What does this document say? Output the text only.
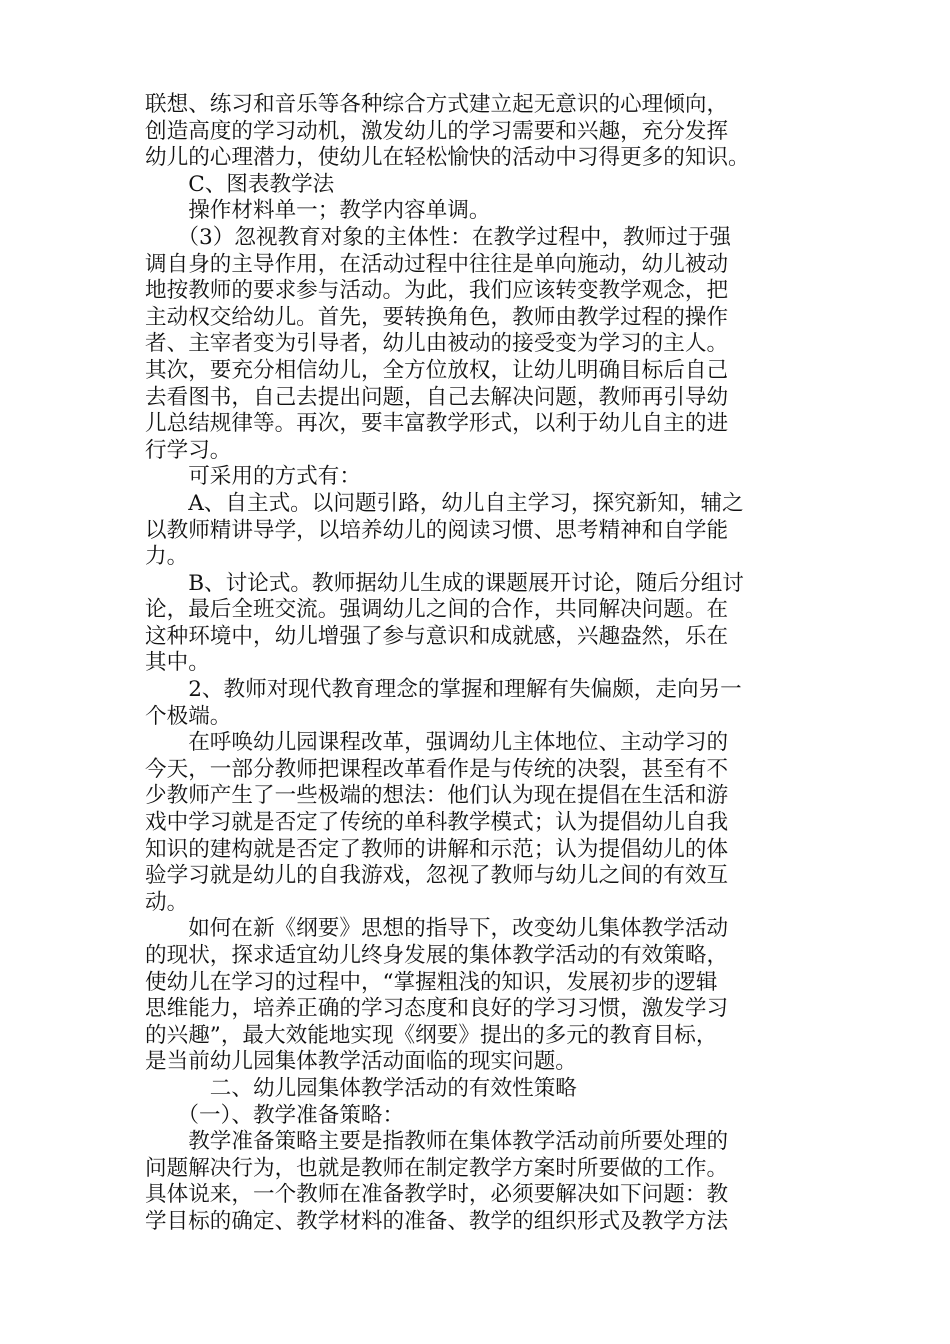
联想、练习和音乐等各种综合方式建立起无意识的心理倾向，

创造高度的学习动机，激发幼儿的学习需要和兴趣，充分发挥

幼儿的心理潜力，使幼儿在轻松愉快的活动中习得更多的知识。

　　C、图表教学法

　　操作材料单一；教学内容单调。

　　（3）忽视教育对象的主体性：在教学过程中，教师过于强

调自身的主导作用，在活动过程中往往是单向施动，幼儿被动

地按教师的要求参与活动。为此，我们应该转变教学观念，把

主动权交给幼儿。首先，要转换角色，教师由教学过程的操作

者、主宰者变为引导者，幼儿由被动的接受变为学习的主人。

其次，要充分相信幼儿，全方位放权，让幼儿明确目标后自己

去看图书，自己去提出问题，自己去解决问题，教师再引导幼

儿总结规律等。再次，要丰富教学形式，以利于幼儿自主的进

行学习。

　　可采用的方式有：

　　A、自主式。以问题引路，幼儿自主学习，探究新知，辅之

以教师精讲导学，以培养幼儿的阅读习惯、思考精神和自学能

力。

　　B、讨论式。教师据幼儿生成的课题展开讨论，随后分组讨

论，最后全班交流。强调幼儿之间的合作，共同解决问题。在

这种环境中，幼儿增强了参与意识和成就感，兴趣盎然，乐在

其中。

　　2、教师对现代教育理念的掌握和理解有失偏颇，走向另一

个极端。

　　在呼唤幼儿园课程改革，强调幼儿主体地位、主动学习的

今天，一部分教师把课程改革看作是与传统的决裂，甚至有不

少教师产生了一些极端的想法：他们认为现在提倡在生活和游

戏中学习就是否定了传统的单科教学模式；认为提倡幼儿自我

知识的建构就是否定了教师的讲解和示范；认为提倡幼儿的体

验学习就是幼儿的自我游戏，忽视了教师与幼儿之间的有效互

动。

　　如何在新《纲要》思想的指导下，改变幼儿集体教学活动

的现状，探求适宜幼儿终身发展的集体教学活动的有效策略，

使幼儿在学习的过程中，“掌握粗浅的知识，发展初步的逻辑

思维能力，培养正确的学习态度和良好的学习习惯，激发学习

的兴趣”，最大效能地实现《纲要》提出的多元的教育目标，

是当前幼儿园集体教学活动面临的现实问题。

　　　二、幼儿园集体教学活动的有效性策略

　　（一）、教学准备策略：

　　教学准备策略主要是指教师在集体教学活动前所要处理的

问题解决行为，也就是教师在制定教学方案时所要做的工作。

具体说来，一个教师在准备教学时，必须要解决如下问题：教

学目标的确定、教学材料的准备、教学的组织形式及教学方法
